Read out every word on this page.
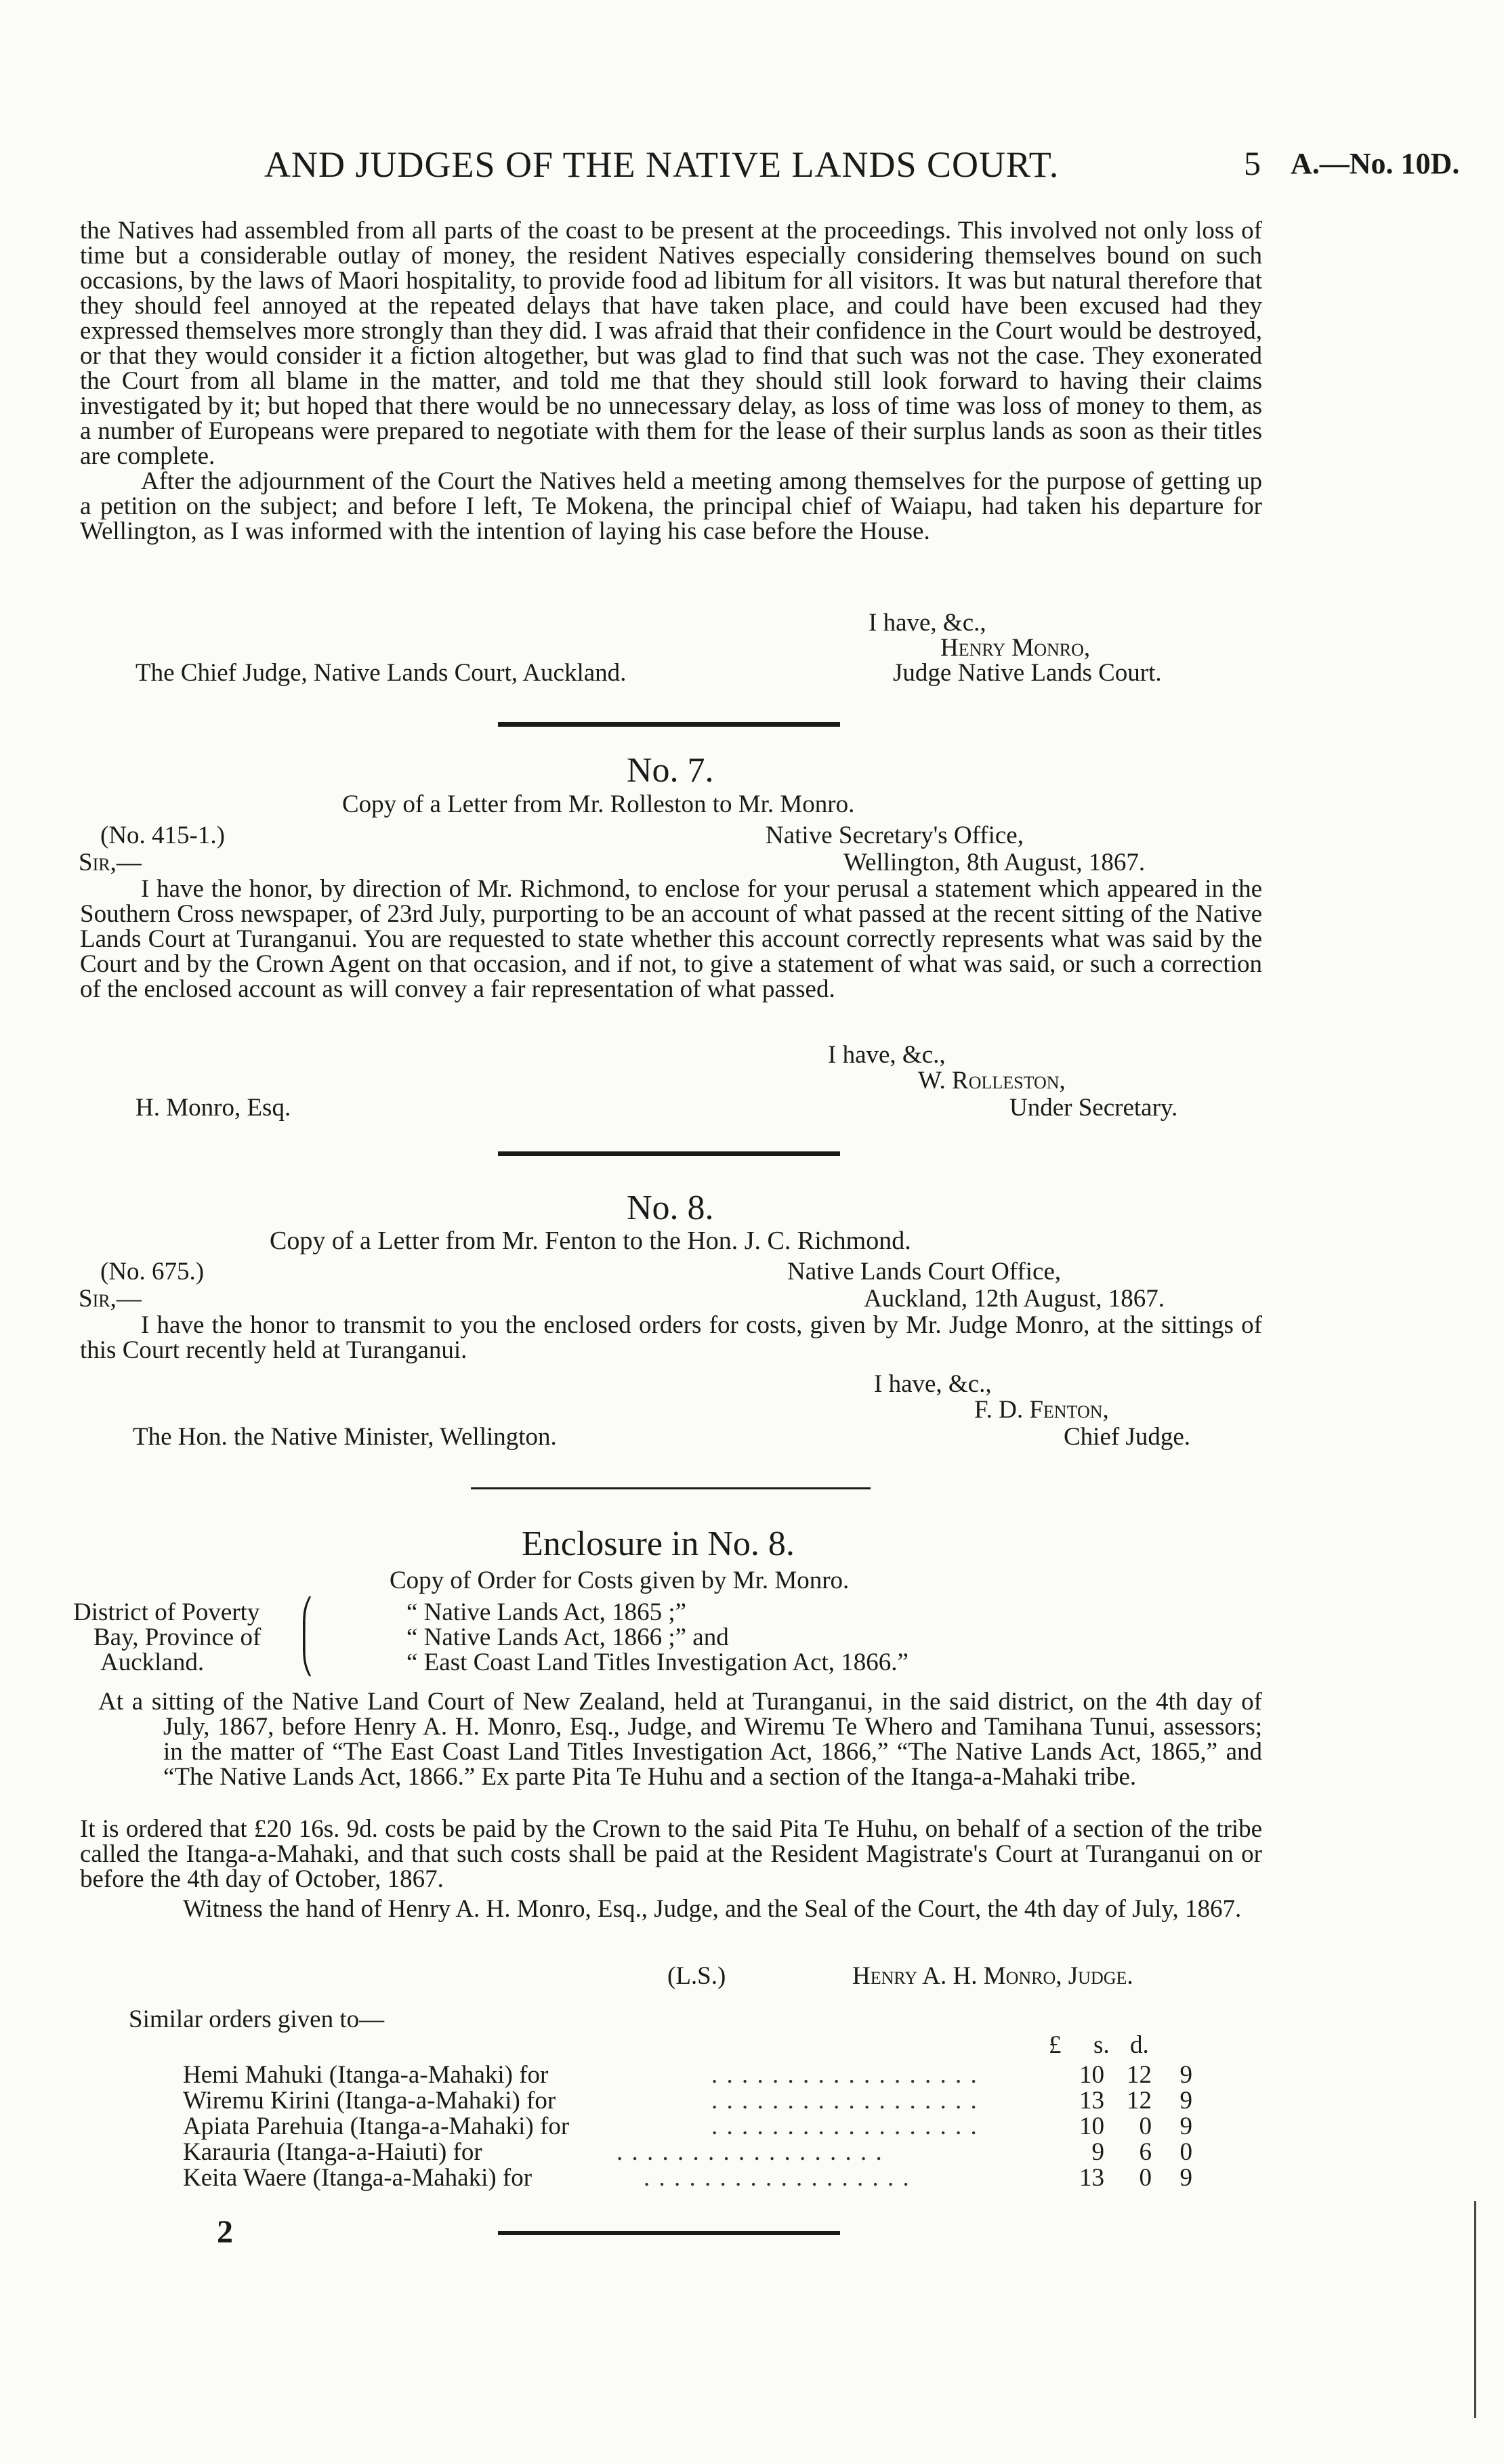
AND JUDGES OF THE NATIVE LANDS COURT.	5 A.—No. 10D.

the Natives had assembled from all parts of the coast to be present at the proceedings. This involved not only loss of time but a considerable outlay of money, the resident Natives especially considering themselves bound on such occasions, by the laws of Maori hospitality, to provide food ad libitum for all visitors. It was but natural therefore that they should feel annoyed at the repeated delays that have taken place, and could have been excused had they expressed themselves more strongly than they did. I was afraid that their confidence in the Court would be destroyed, or that they would consider it a fiction altogether, but was glad to find that such was not the case. They exonerated the Court from all blame in the matter, and told me that they should still look forward to having their claims investigated by it; but hoped that there would be no unnecessary delay, as loss of time was loss of money to them, as a number of Europeans were prepared to negotiate with them for the lease of their surplus lands as soon as their titles are complete.

After the adjournment of the Court the Natives held a meeting among themselves for the purpose of getting up a petition on the subject; and before I left, Te Mokena, the principal chief of Waiapu, had taken his departure for Wellington, as I was informed with the intention of laying his case before the House.

I have, &c.,
Henry Monro,
Judge Native Lands Court.
The Chief Judge, Native Lands Court, Auckland.
No. 7.
Copy of a Letter from Mr. Rolleston to Mr. Monro.
(No. 415-1.)	Native Secretary's Office,
Sir,—	Wellington, 8th August, 1867.
I have the honor, by direction of Mr. Richmond, to enclose for your perusal a statement which appeared in the Southern Cross newspaper, of 23rd July, purporting to be an account of what passed at the recent sitting of the Native Lands Court at Turanganui. You are requested to state whether this account correctly represents what was said by the Court and by the Crown Agent on that occasion, and if not, to give a statement of what was said, or such a correction of the enclosed account as will convey a fair representation of what passed.
I have, &c.,
W. Rolleston,
H. Monro, Esq.	Under Secretary.
No. 8.
Copy of a Letter from Mr. Fenton to the Hon. J. C. Richmond.
(No. 675.)	Native Lands Court Office,
Sir,—	Auckland, 12th August, 1867.
I have the honor to transmit to you the enclosed orders for costs, given by Mr. Judge Monro, at the sittings of this Court recently held at Turanganui.
I have, &c.,
F. D. Fenton,
The Hon. the Native Minister, Wellington.	Chief Judge.
Enclosure in No. 8.
Copy of Order for Costs given by Mr. Monro.
District of Poverty
Bay, Province of
Auckland.
⎛
⎜
⎝
“ Native Lands Act, 1865 ;”
“ Native Lands Act, 1866 ;” and
“ East Coast Land Titles Investigation Act, 1866.”

At a sitting of the Native Land Court of New Zealand, held at Turanganui, in the said district, on the 4th day of July, 1867, before Henry A. H. Monro, Esq., Judge, and Wiremu Te Whero and Tamihana Tunui, assessors; in the matter of “The East Coast Land Titles Investigation Act, 1866,” “The Native Lands Act, 1865,” and “The Native Lands Act, 1866.” Ex parte Pita Te Huhu and a section of the Itanga-a-Mahaki tribe.

It is ordered that £20 16s. 9d. costs be paid by the Crown to the said Pita Te Huhu, on behalf of a section of the tribe called the Itanga-a-Mahaki, and that such costs shall be paid at the Resident Magistrate's Court at Turanganui on or before the 4th day of October, 1867.

Witness the hand of Henry A. H. Monro, Esq., Judge, and the Seal of the Court, the 4th day of July, 1867.

(L.S.)	Henry A. H. Monro, Judge.
Similar orders given to—
£ s. d.
Hemi Mahuki (Itanga-a-Mahaki) for	. . . . . . . . . . . . . . . . . .	10 12	9
Wiremu Kirini (Itanga-a-Mahaki) for	. . . . . . . . . . . . . . . . . .	13 12	9
Apiata Parehuia (Itanga-a-Mahaki) for	. . . . . . . . . . . . . . . . . .	10	0	9
Karauria (Itanga-a-Haiuti) for	. . . . . . . . . . . . . . . . . .	9	6	0
Keita Waere (Itanga-a-Mahaki) for	. . . . . . . . . . . . . . . . . .	13	0	9
2
